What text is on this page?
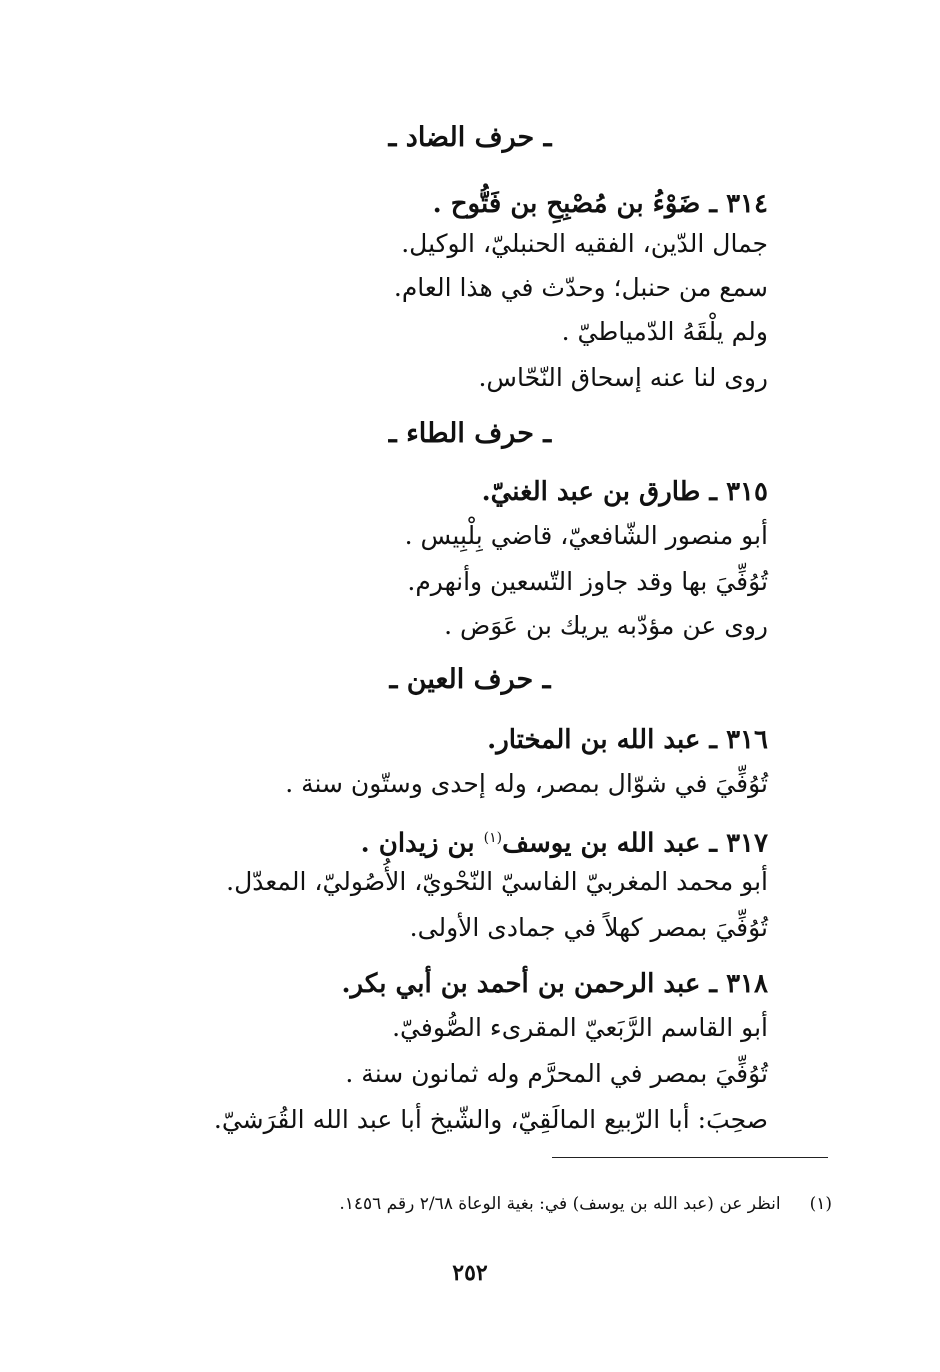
ـ حرف الضاد ـ
٣١٤ ـ ضَوْءُ بن مُصْبِحِ بن فَتُّوح .
جمال الدّين، الفقيه الحنبليّ، الوكيل.
سمع من حنبل؛ وحدّث في هذا العام.
ولم يلْقَهُ الدّمياطيّ .
روى لنا عنه إسحاق النّحّاس.
ـ حرف الطاء ـ
٣١٥ ـ طارق بن عبد الغنيّ.
أبو منصور الشّافعيّ، قاضي بِلْبِيس .
تُوُفِّيَ بها وقد جاوز التّسعين وأنهرم.
روى عن مؤدّبه يريك بن عَوَض .
ـ حرف العين ـ
٣١٦ ـ عبد الله بن المختار.
تُوُفِّيَ في شوّال بمصر، وله إحدى وستّون سنة .
٣١٧ ـ عبد الله بن يوسف$^{(١)}$ بن زيدان .
أبو محمد المغربيّ الفاسيّ النّحْويّ، الأُصُوليّ، المعدّل.
تُوُفِّيَ بمصر كهلاً في جمادى الأولى.
٣١٨ ـ عبد الرحمن بن أحمد بن أبي بكر.
أبو القاسم الرَّبَعيّ المقرىء الصُّوفيّ.
تُوُفِّيَ بمصر في المحرَّم وله ثمانون سنة .
صحِبَ: أبا الرّبيع المالَقِيّ، والشّيخ أبا عبد الله القُرَشيّ.
(١) انظر عن (عبد الله بن يوسف) في: بغية الوعاة ٢/٦٨ رقم ١٤٥٦.
٢٥٢
